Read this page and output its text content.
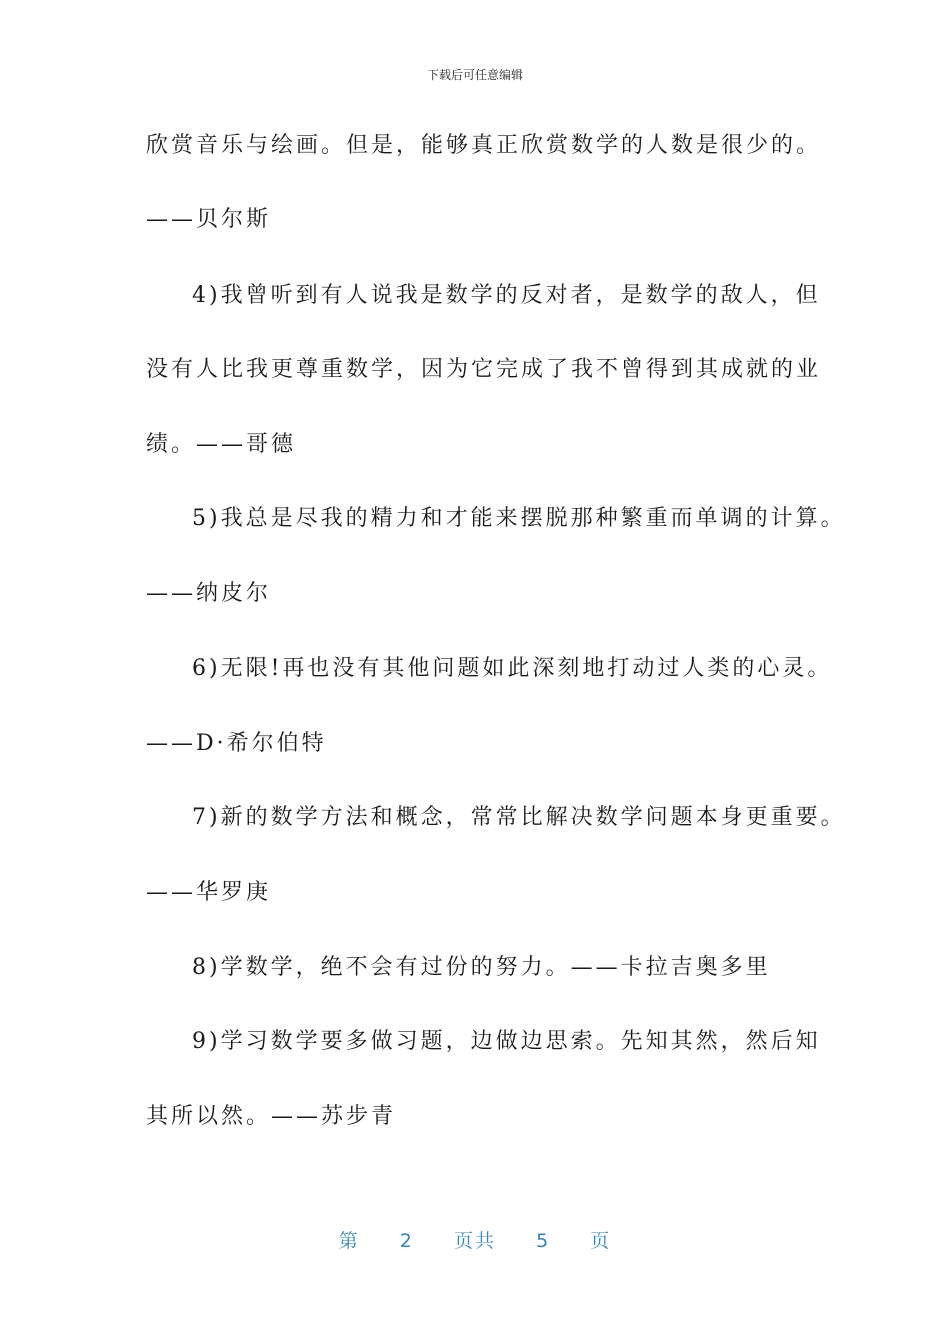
下载后可任意编辑
欣赏音乐与绘画。但是，能够真正欣赏数学的人数是很少的。
——贝尔斯
4)我曾听到有人说我是数学的反对者，是数学的敌人，但
没有人比我更尊重数学，因为它完成了我不曾得到其成就的业
绩。——哥德
5)我总是尽我的精力和才能来摆脱那种繁重而单调的计算。
——纳皮尔
6)无限!再也没有其他问题如此深刻地打动过人类的心灵。
——D·希尔伯特
7)新的数学方法和概念，常常比解决数学问题本身更重要。
——华罗庚
8)学数学，绝不会有过份的努力。——卡拉吉奥多里
9)学习数学要多做习题，边做边思索。先知其然，然后知
其所以然。——苏步青
第 2 页共 5 页
